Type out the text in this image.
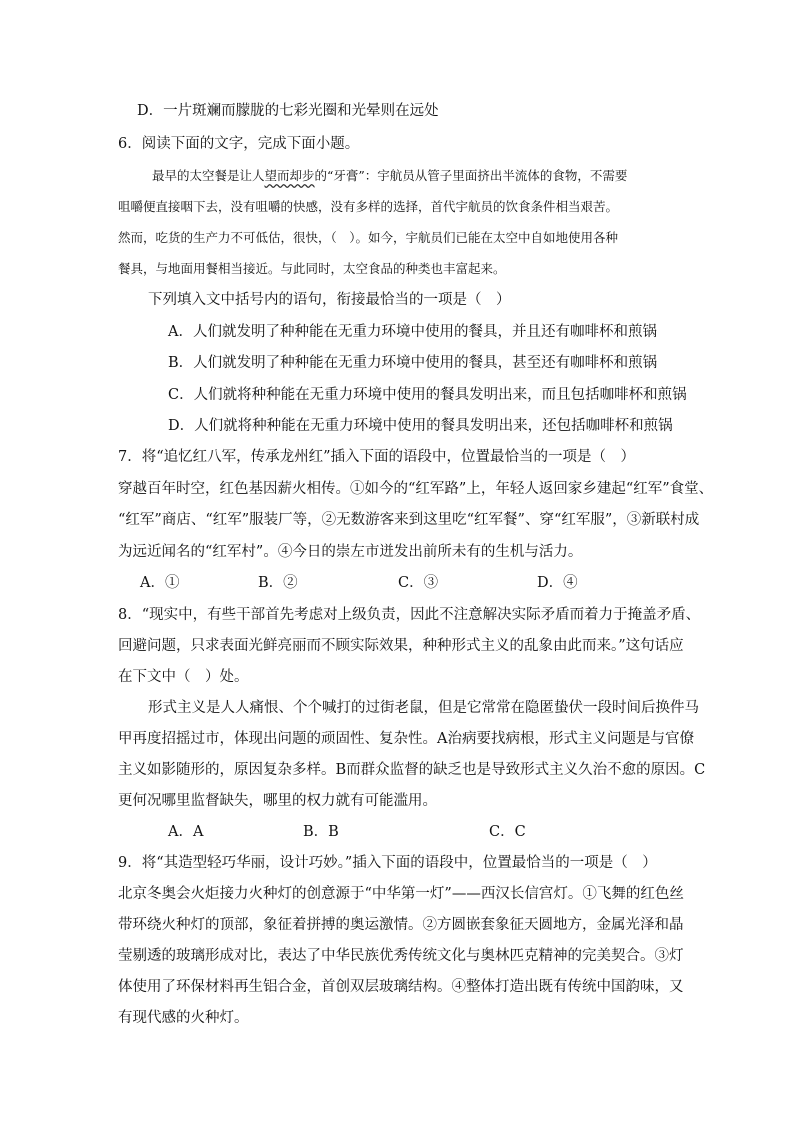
D．一片斑斓而朦胧的七彩光圈和光晕则在远处
6．阅读下面的文字，完成下面小题。
最早的太空餐是让人望而却步的“牙膏”：宇航员从管子里面挤出半流体的食物，不需要
咀嚼便直接咽下去，没有咀嚼的快感，没有多样的选择，首代宇航员的饮食条件相当艰苦。
然而，吃货的生产力不可低估，很快，（　）。如今，宇航员们已能在太空中自如地使用各种
餐具，与地面用餐相当接近。与此同时，太空食品的种类也丰富起来。
下列填入文中括号内的语句，衔接最恰当的一项是（　）
A．人们就发明了种种能在无重力环境中使用的餐具，并且还有咖啡杯和煎锅
B．人们就发明了种种能在无重力环境中使用的餐具，甚至还有咖啡杯和煎锅
C．人们就将种种能在无重力环境中使用的餐具发明出来，而且包括咖啡杯和煎锅
D．人们就将种种能在无重力环境中使用的餐具发明出来，还包括咖啡杯和煎锅
7．将“追忆红八军，传承龙州红”插入下面的语段中，位置最恰当的一项是（　）
穿越百年时空，红色基因薪火相传。①如今的“红军路”上，年轻人返回家乡建起“红军”食堂、
“红军”商店、“红军”服装厂等，②无数游客来到这里吃“红军餐”、穿“红军服”，③新联村成
为远近闻名的“红军村”。④今日的崇左市迸发出前所未有的生机与活力。
A．①	B．②	C．③	D．④
8．“现实中，有些干部首先考虑对上级负责，因此不注意解决实际矛盾而着力于掩盖矛盾、
回避问题，只求表面光鲜亮丽而不顾实际效果，种种形式主义的乱象由此而来。”这句话应
在下文中（　）处。
形式主义是人人痛恨、个个喊打的过街老鼠，但是它常常在隐匿蛰伏一段时间后换件马
甲再度招摇过市，体现出问题的顽固性、复杂性。A治病要找病根，形式主义问题是与官僚
主义如影随形的，原因复杂多样。B而群众监督的缺乏也是导致形式主义久治不愈的原因。C
更何况哪里监督缺失，哪里的权力就有可能滥用。
A．A	B．B	C．C
9．将“其造型轻巧华丽，设计巧妙。”插入下面的语段中，位置最恰当的一项是（　）
北京冬奥会火炬接力火种灯的创意源于“中华第一灯”——西汉长信宫灯。①飞舞的红色丝
带环绕火种灯的顶部，象征着拼搏的奥运激情。②方圆嵌套象征天圆地方，金属光泽和晶
莹剔透的玻璃形成对比，表达了中华民族优秀传统文化与奥林匹克精神的完美契合。③灯
体使用了环保材料再生铝合金，首创双层玻璃结构。④整体打造出既有传统中国韵味，又
有现代感的火种灯。
